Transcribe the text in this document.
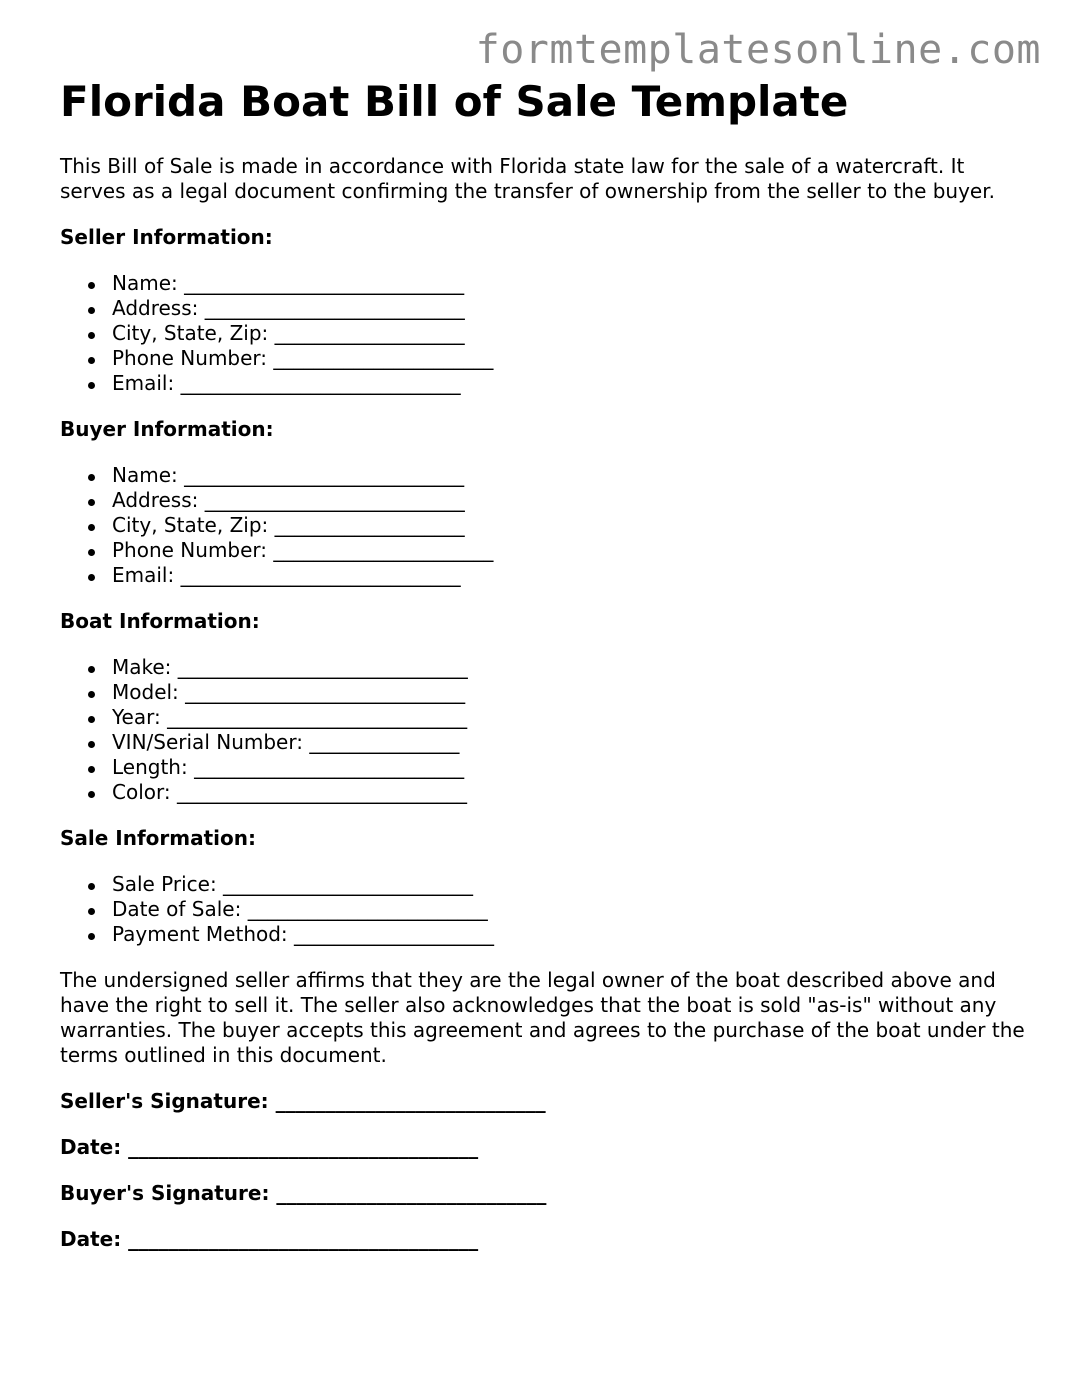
formtemplatesonline.com
Florida Boat Bill of Sale Template

This Bill of Sale is made in accordance with Florida state law for the sale of a watercraft. It serves as a legal document confirming the transfer of ownership from the seller to the buyer.

Seller Information:

Name: ____________________________
Address: __________________________
City, State, Zip: ___________________
Phone Number: ______________________
Email: ____________________________

Buyer Information:

Name: ____________________________
Address: __________________________
City, State, Zip: ___________________
Phone Number: ______________________
Email: ____________________________

Boat Information:

Make: _____________________________
Model: ____________________________
Year: ______________________________
VIN/Serial Number: _______________
Length: ___________________________
Color: _____________________________

Sale Information:

Sale Price: _________________________
Date of Sale: ________________________
Payment Method: ____________________

The undersigned seller affirms that they are the legal owner of the boat described above and have the right to sell it. The seller also acknowledges that the boat is sold "as-is" without any warranties. The buyer accepts this agreement and agrees to the purchase of the boat under the terms outlined in this document.

Seller's Signature: ___________________________

Date: ___________________________________

Buyer's Signature: ___________________________

Date: ___________________________________
